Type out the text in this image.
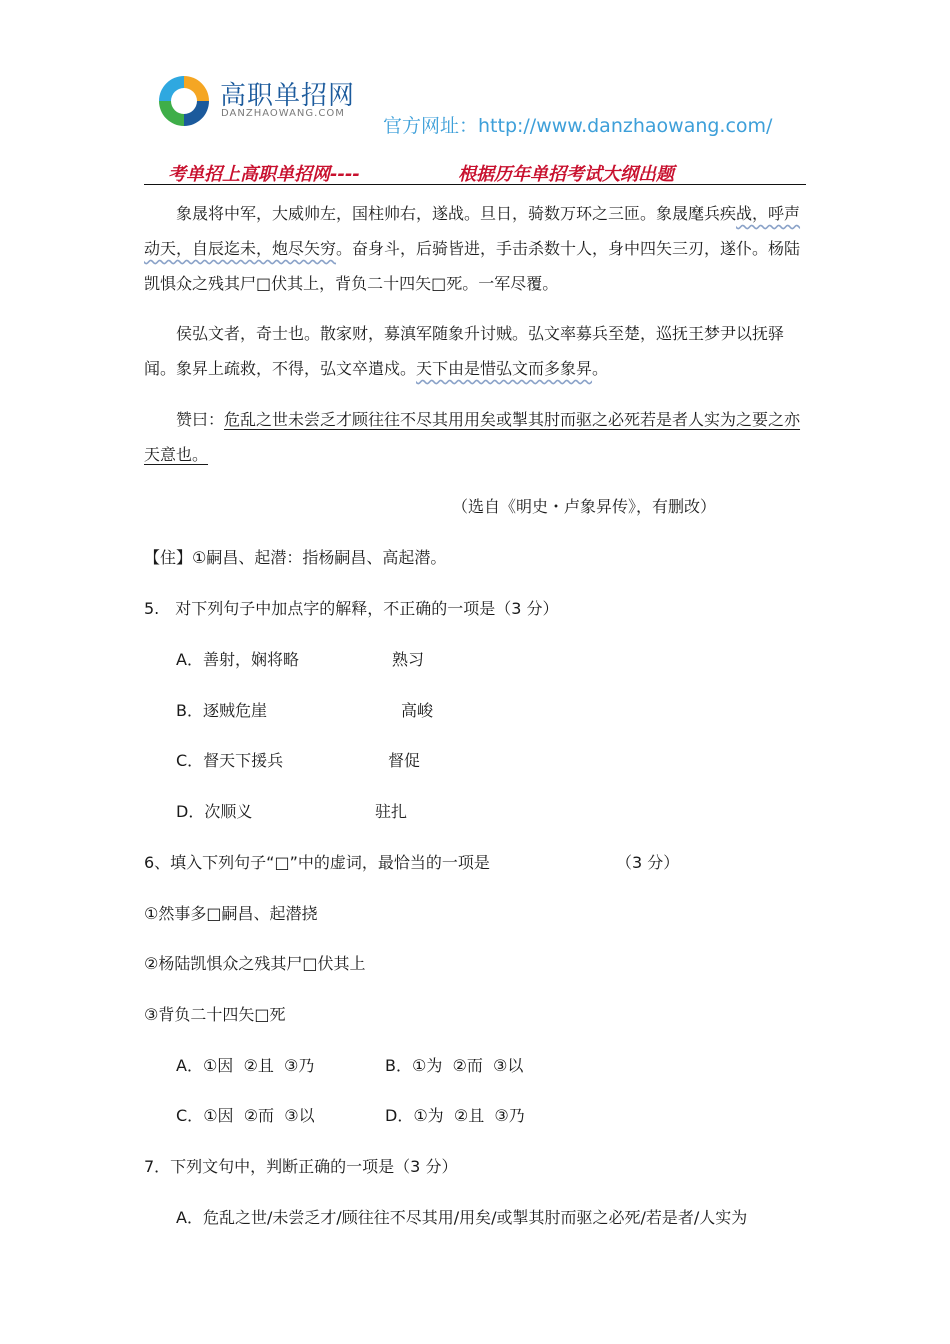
高职单招网
DANZHAOWANG.COM
官方网址：http://www.danzhaowang.com/
考单招上高职单招网----	根据历年单招考试大纲出题
象晟将中军，大威帅左，国柱帅右，遂战。旦日，骑数万环之三匝。象晟麾兵疾战，呼声动天，自辰迄未，炮尽矢穷。奋身斗，后骑皆进，手击杀数十人，身中四矢三刃，遂仆。杨陆凯惧众之残其尸□伏其上，背负二十四矢□死。一军尽覆。
侯弘文者，奇士也。散家财，募滇军随象升讨贼。弘文率募兵至楚，巡抚王梦尹以抚驿闻。象昇上疏救，不得，弘文卒遣戍。天下由是惜弘文而多象昇。
赞曰：危乱之世未尝乏才顾往往不尽其用用矣或掣其肘而驱之必死若是者人实为之要之亦天意也。
（选自《明史・卢象昇传》，有删改）
【住】①嗣昌、起潜：指杨嗣昌、高起潜。
5.　对下列句子中加点字的解释，不正确的一项是（3 分）
A．善射，娴将略	熟习
B．逐贼危崖	高峻
C．督天下援兵	督促
D．次顺义	驻扎
6、填入下列句子“□”中的虚词，最恰当的一项是	（3 分）
①然事多□嗣昌、起潜挠
②杨陆凯惧众之残其尸□伏其上
③背负二十四矢□死
A．①因  ②且  ③乃	B．①为  ②而  ③以
C．①因  ②而  ③以	D．①为  ②且  ③乃
7．下列文句中，判断正确的一项是（3 分）
A．危乱之世/未尝乏才/顾往往不尽其用/用矣/或掣其肘而驱之必死/若是者/人实为
